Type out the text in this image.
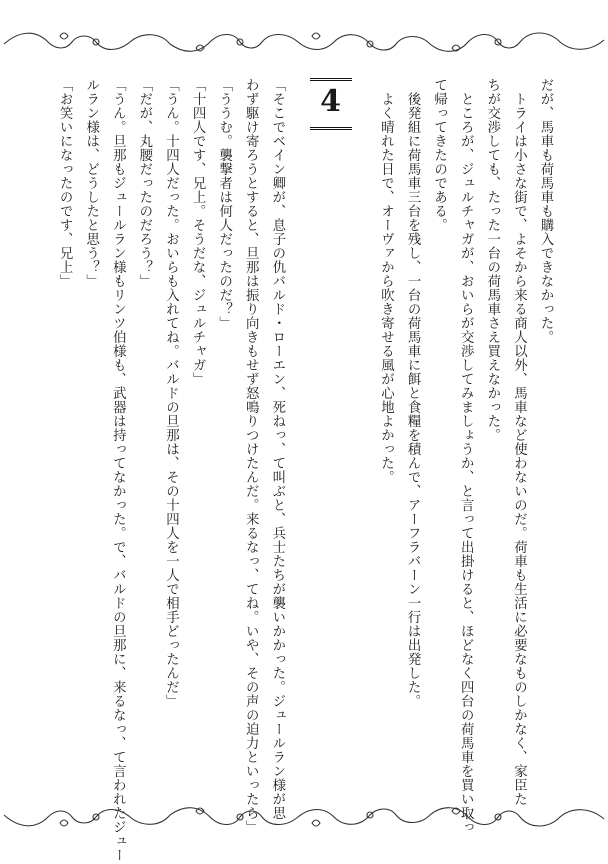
だが、馬車も荷馬車も購入できなかった。
　トライは小さな街で、よそから来る商人以外、馬車など使わないのだ。荷車も生活に必要なものしかなく、家臣た
ちが交渉しても、たった一台の荷馬車さえ買えなかった。
　ところが、ジュルチャガが、おいらが交渉してみましょうか、と言って出掛けると、ほどなく四台の荷馬車を買い取っ
て帰ってきたのである。
　後発組に荷馬車三台を残し、一台の荷馬車に餌と食糧を積んで、アーフラバーン一行は出発した。
　よく晴れた日で、オーヴァから吹き寄せる風が心地よかった。
4
「そこでベイン卿が、息子の仇バルド・ローエン、死ねっ、て叫ぶと、兵士たちが襲いかかった。ジュールラン様が思
わず駆け寄ろうとすると、旦那は振り向きもせず怒鳴りつけたんだ。来るなっ、てね。いや、その声の迫力といったら」
「ううむ。襲撃者は何人だったのだ？」
「十四人です、兄上。そうだな、ジュルチャガ」
「うん。十四人だった。おいらも入れてね。バルドの旦那は、その十四人を一人で相手どったんだ」
「だが、丸腰だったのだろう？」
「うん。旦那もジュールラン様もリンツ伯様も、武器は持ってなかった。で、バルドの旦那に、来るなっ、て言われたジュー
ルラン様は、どうしたと思う？」
「お笑いになったのです、兄上」
